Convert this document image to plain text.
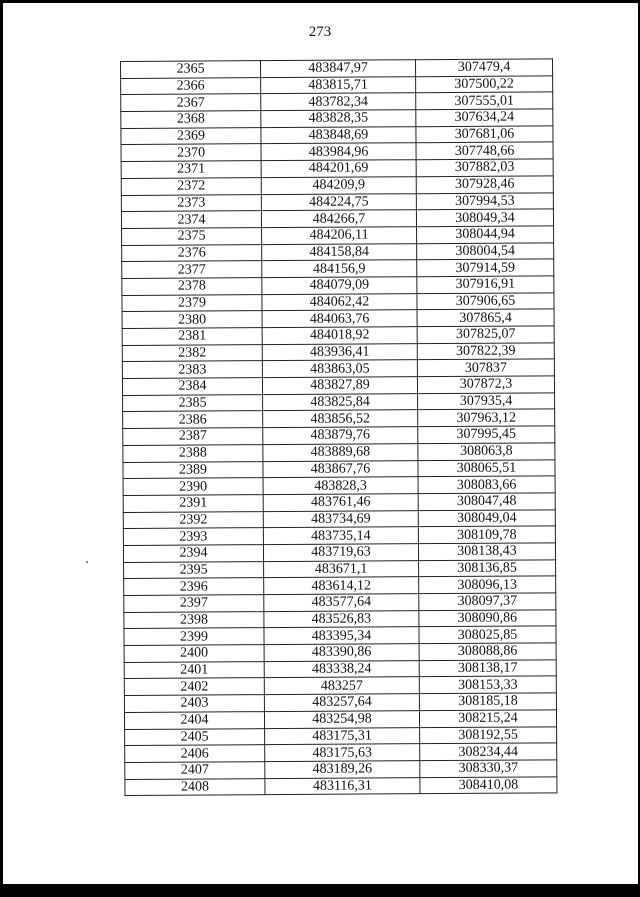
273
2365	483847,97	307479,4
2366	483815,71	307500,22
2367	483782,34	307555,01
2368	483828,35	307634,24
2369	483848,69	307681,06
2370	483984,96	307748,66
2371	484201,69	307882,03
2372	484209,9	307928,46
2373	484224,75	307994,53
2374	484266,7	308049,34
2375	484206,11	308044,94
2376	484158,84	308004,54
2377	484156,9	307914,59
2378	484079,09	307916,91
2379	484062,42	307906,65
2380	484063,76	307865,4
2381	484018,92	307825,07
2382	483936,41	307822,39
2383	483863,05	307837
2384	483827,89	307872,3
2385	483825,84	307935,4
2386	483856,52	307963,12
2387	483879,76	307995,45
2388	483889,68	308063,8
2389	483867,76	308065,51
2390	483828,3	308083,66
2391	483761,46	308047,48
2392	483734,69	308049,04
2393	483735,14	308109,78
2394	483719,63	308138,43
2395	483671,1	308136,85
2396	483614,12	308096,13
2397	483577,64	308097,37
2398	483526,83	308090,86
2399	483395,34	308025,85
2400	483390,86	308088,86
2401	483338,24	308138,17
2402	483257	308153,33
2403	483257,64	308185,18
2404	483254,98	308215,24
2405	483175,31	308192,55
2406	483175,63	308234,44
2407	483189,26	308330,37
2408	483116,31	308410,08
